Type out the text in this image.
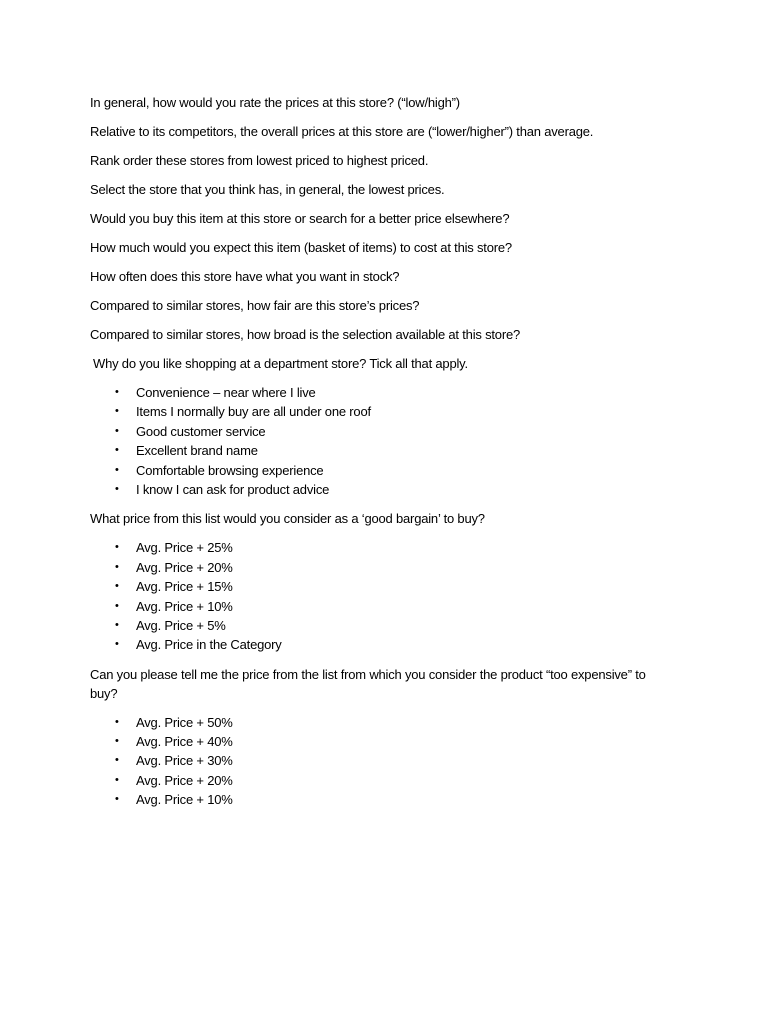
In general, how would you rate the prices at this store? (“low/high”)

Relative to its competitors, the overall prices at this store are (“lower/higher”) than average.

Rank order these stores from lowest priced to highest priced.

Select the store that you think has, in general, the lowest prices.

Would you buy this item at this store or search for a better price elsewhere?

How much would you expect this item (basket of items) to cost at this store?

How often does this store have what you want in stock?

Compared to similar stores, how fair are this store’s prices?

Compared to similar stores, how broad is the selection available at this store?

Why do you like shopping at a department store? Tick all that apply.

• Convenience – near where I live
• Items I normally buy are all under one roof
• Good customer service
• Excellent brand name
• Comfortable browsing experience
• I know I can ask for product advice

What price from this list would you consider as a ‘good bargain’ to buy?

• Avg. Price + 25%
• Avg. Price + 20%
• Avg. Price + 15%
• Avg. Price + 10%
• Avg. Price + 5%
• Avg. Price in the Category

Can you please tell me the price from the list from which you consider the product “too expensive” to buy?

• Avg. Price + 50%
• Avg. Price + 40%
• Avg. Price + 30%
• Avg. Price + 20%
• Avg. Price + 10%
